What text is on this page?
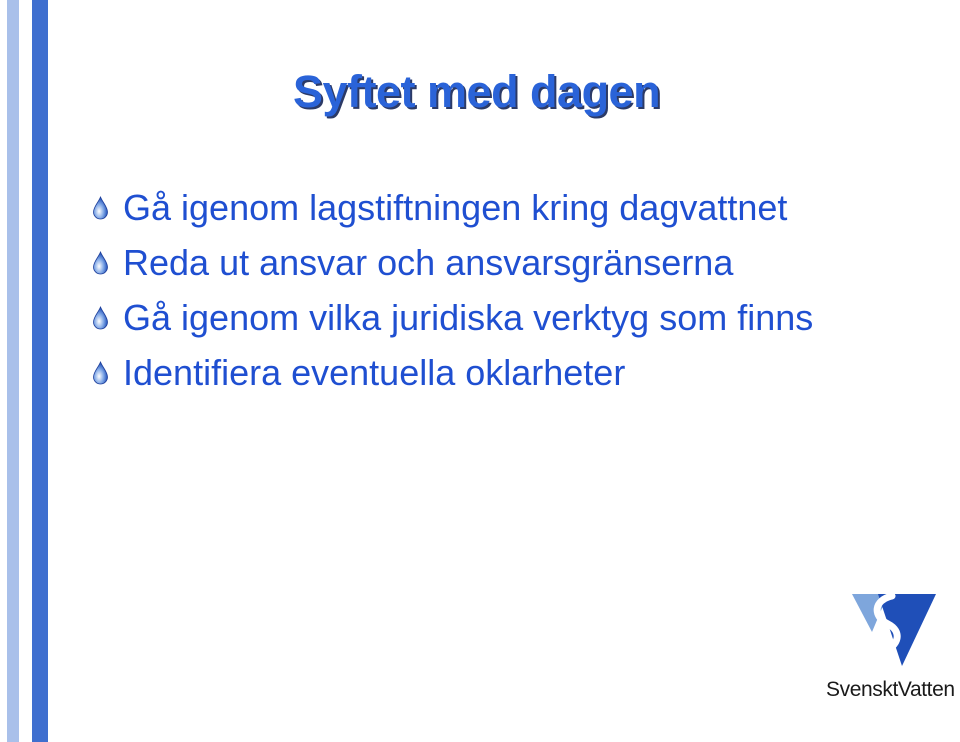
Syftet med dagen
Gå igenom lagstiftningen kring dagvattnet
Reda ut ansvar och ansvarsgränserna
Gå igenom vilka juridiska verktyg som finns
Identifiera eventuella oklarheter
SvensktVatten
